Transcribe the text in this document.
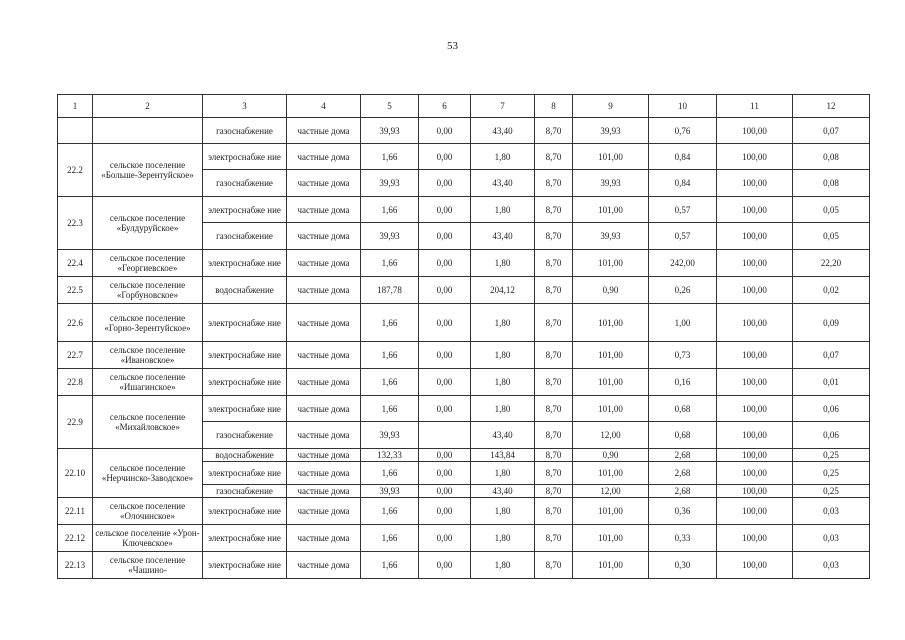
53
1	2	3	4	5	6	7	8	9	10	11	12
		газоснабжение	частные дома	39,93	0,00	43,40	8,70	39,93	0,76	100,00	0,07
22.2	сельское поселение «Больше-Зерентуйское»	электроснабже ние	частные дома	1,66	0,00	1,80	8,70	101,00	0,84	100,00	0,08
		газоснабжение	частные дома	39,93	0,00	43,40	8,70	39,93	0,84	100,00	0,08
22.3	сельское поселение «Булдуруйское»	электроснабже ние	частные дома	1,66	0,00	1,80	8,70	101,00	0,57	100,00	0,05
		газоснабжение	частные дома	39,93	0,00	43,40	8,70	39,93	0,57	100,00	0,05
22.4	сельское поселение «Георгиевское»	электроснабже ние	частные дома	1,66	0,00	1,80	8,70	101,00	242,00	100,00	22,20
22.5	сельское поселение «Горбуновское»	водоснабжение	частные дома	187,78	0,00	204,12	8,70	0,90	0,26	100,00	0,02
22.6	сельское поселение «Горно-Зерентуйское»	электроснабже ние	частные дома	1,66	0,00	1,80	8,70	101,00	1,00	100,00	0,09
22.7	сельское поселение «Ивановское»	электроснабже ние	частные дома	1,66	0,00	1,80	8,70	101,00	0,73	100,00	0,07
22.8	сельское поселение «Ишагинское»	электроснабже ние	частные дома	1,66	0,00	1,80	8,70	101,00	0,16	100,00	0,01
22.9	сельское поселение «Михайловское»	электроснабже ние	частные дома	1,66	0,00	1,80	8,70	101,00	0,68	100,00	0,06
		газоснабжение	частные дома	39,93		43,40	8,70	12,00	0,68	100,00	0,06
22.10	сельское поселение «Нерчинско-Заводское»	водоснабжение	частные дома	132,33	0,00	143,84	8,70	0,90	2,68	100,00	0,25
		электроснабже ние	частные дома	1,66	0,00	1,80	8,70	101,00	2,68	100,00	0,25
		газоснабжение	частные дома	39,93	0,00	43,40	8,70	12,00	2,68	100,00	0,25
22.11	сельское поселение «Олочинское»	электроснабже ние	частные дома	1,66	0,00	1,80	8,70	101,00	0,36	100,00	0,03
22.12	сельское поселение «Урон-Ключевское»	электроснабже ние	частные дома	1,66	0,00	1,80	8,70	101,00	0,33	100,00	0,03
22.13	сельское поселение «Чашино-	электроснабже ние	частные дома	1,66	0,00	1,80	8,70	101,00	0,30	100,00	0,03
